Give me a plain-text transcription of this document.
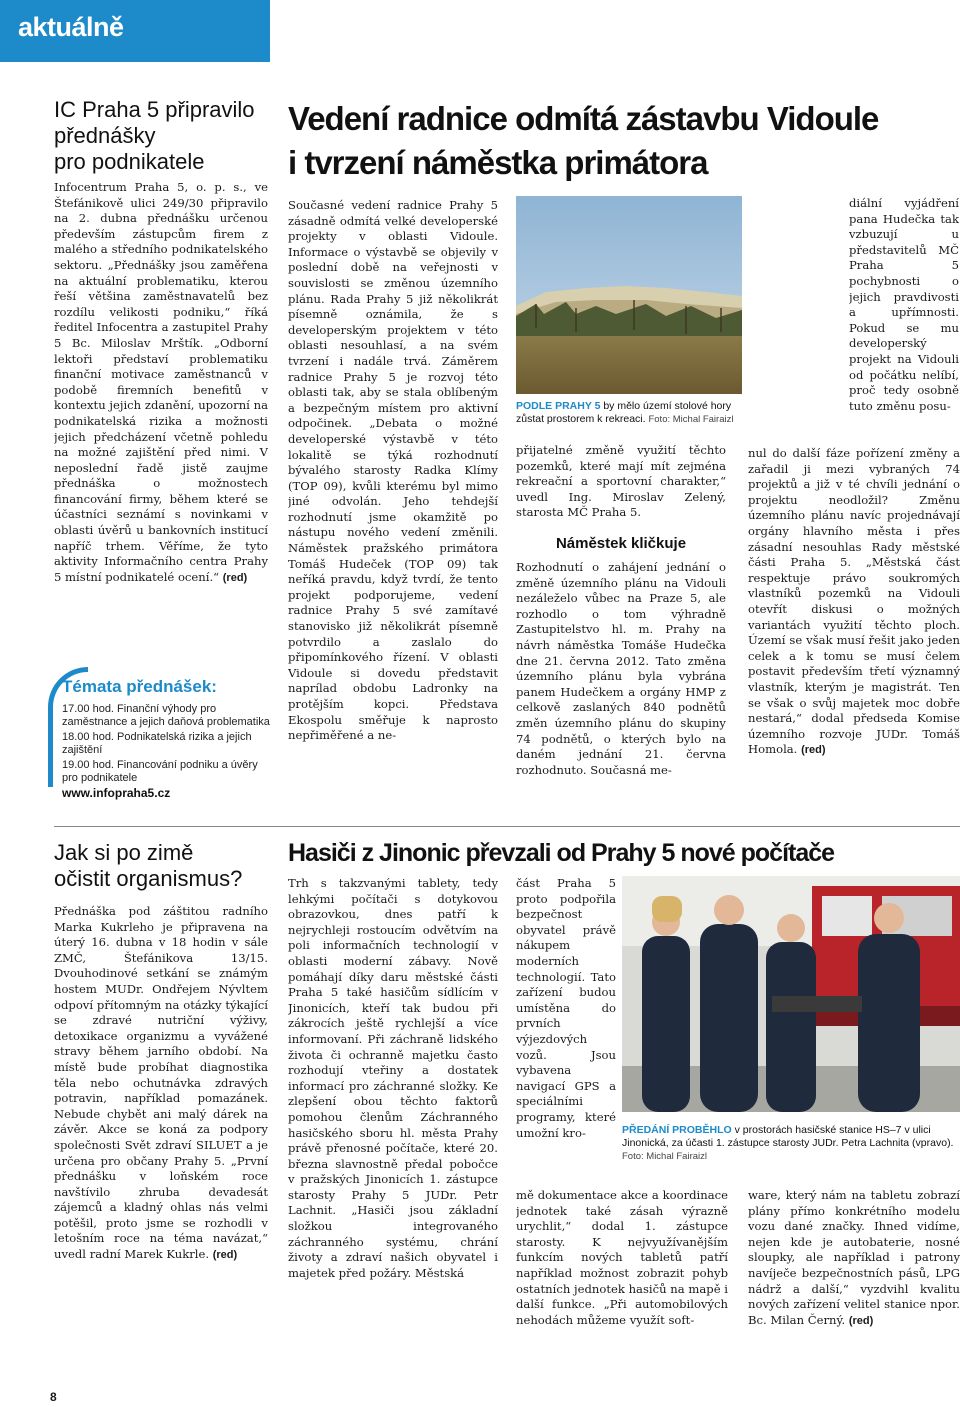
aktuálně
IC Praha 5 připravilo
přednášky
pro podnikatele
Infocentrum Praha 5, o. p. s., ve Štefánikově ulici 249/30 připravilo na 2. dubna přednášku určenou především zástupcům firem z malého a středního podnikatelského sektoru. „Přednášky jsou zaměřena na aktuální problematiku, kterou řeší většina zaměstnavatelů bez rozdílu velikosti podniku,“ říká ředitel Infocentra a zastupitel Prahy 5 Bc. Miloslav Mrštík. „Odborní lektoři představí problematiku finanční motivace zaměstnanců v podobě firemních benefitů v kontextu jejich zdanění, upozorní na podnikatelská rizika a možnosti jejich předcházení včetně pohledu na možné zajištění před nimi. V neposlední řadě jistě zaujme přednáška o možnostech financování firmy, během které se účastníci seznámí s novinkami v oblasti úvěrů u bankovních institucí napříč trhem. Věříme, že tyto aktivity Informačního centra Prahy 5 místní podnikatelé ocení.“ (red)
Témata přednášek:
17.00 hod. Finanční výhody pro zaměstnance a jejich daňová problematika
18.00 hod. Podnikatelská rizika a jejich zajištění
19.00 hod. Financování podniku a úvěry pro podnikatele
www.infopraha5.cz
Vedení radnice odmítá zástavbu Vidoule
i tvrzení náměstka primátora
Současné vedení radnice Prahy 5 zásadně odmítá velké developerské projekty v oblasti Vidoule. Informace o výstavbě se objevily v poslední době na veřejnosti v souvislosti se změnou územního plánu. Rada Prahy 5 již několikrát písemně oznámila, že s developerským projektem v této oblasti nesouhlasí, a na svém tvrzení i nadále trvá. Záměrem radnice Prahy 5 je rozvoj této oblasti tak, aby se stala oblíbeným a bezpečným místem pro aktivní odpočinek. „Debata o možné developerské výstavbě v této lokalitě se týká rozhodnutí bývalého starosty Radka Klímy (TOP 09), kvůli kterému byl mimo jiné odvolán. Jeho tehdejší rozhodnutí jsme okamžitě po nástupu nového vedení změnili. Náměstek pražského primátora Tomáš Hudeček (TOP 09) tak neříká pravdu, když tvrdí, že tento projekt podporujeme, vedení radnice Prahy 5 své zamítavé stanovisko již několikrát písemně potvrdilo a zaslalo do připomínkového řízení. V oblasti Vidoule si dovedu představit naprílad obdobu Ladronky na protějším kopci. Představa Ekospolu směřuje k naprosto nepřiměřené a ne-
PODLE PRAHY 5 by mělo území stolové hory zůstat prostorem k rekreaci. Foto: Michal Fairaizl
přijatelné změně využití těchto pozemků, které mají mít zejména rekreační a sportovní charakter,“ uvedl Ing. Miroslav Zelený, starosta MČ Praha 5.
Náměstek kličkuje
Rozhodnutí o zahájení jednání o změně územního plánu na Vidouli nezáleželo vůbec na Praze 5, ale rozhodlo o tom výhradně Zastupitelstvo hl. m. Prahy na návrh náměstka Tomáše Hudečka dne 21. června 2012. Tato změna územního plánu byla vybrána panem Hudečkem a orgány HMP z celkově zaslaných 840 podnětů změn územního plánu do skupiny 74 podnětů, o kterých bylo na daném jednání 21. června rozhodnuto. Současná me-
diální vyjádření pana Hudečka tak vzbuzují u představitelů MČ Praha 5 pochybnosti o jejich pravdivosti a upřímnosti. Pokud se mu developerský projekt na Vidouli od počátku nelíbí, proč tedy osobně tuto změnu posu-
nul do další fáze pořízení změny a zařadil ji mezi vybraných 74 projektů a již v té chvíli jednání o projektu neodložil? Změnu územního plánu navíc projednávají orgány hlavního města i přes zásadní nesouhlas Rady městské části Praha 5. „Městská část respektuje právo soukromých vlastníků pozemků na Vidouli otevřít diskusi o možných variantách využití těchto ploch. Území se však musí řešit jako jeden celek a k tomu se musí čelem postavit především třetí významný vlastník, kterým je magistrát. Ten se však o svůj majetek moc dobře nestará,“ dodal předseda Komise územního rozvoje JUDr. Tomáš Homola. (red)
Jak si po zimě
očistit organismus?
Přednáška pod záštitou radního Marka Kukrleho je připravena na úterý 16. dubna v 18 hodin v sále ZMČ, Štefánikova 13/15. Dvouhodinové setkání se známým hostem MUDr. Ondřejem Nývltem odpoví přítomným na otázky týkající se zdravé nutriční výživy, detoxikace organizmu a vyvážené stravy během jarního období. Na místě bude probíhat diagnostika těla nebo ochutnávka zdravých potravin, například pomazánek. Nebude chybět ani malý dárek na závěr. Akce se koná za podpory společnosti Svět zdraví SILUET a je určena pro občany Prahy 5. „První přednášku v loňském roce navštívilo zhruba devadesát zájemců a kladný ohlas nás velmi potěšil, proto jsme se rozhodli v letošním roce na téma navázat,“ uvedl radní Marek Kukrle. (red)
Hasiči z Jinonic převzali od Prahy 5 nové počítače
Trh s takzvanými tablety, tedy lehkými počítači s dotykovou obrazovkou, dnes patří k nejrychleji rostoucím odvětvím na poli informačních technologií v oblasti moderní zábavy. Nově pomáhají díky daru městské části Praha 5 také hasičům sídlícím v Jinonicích, kteří tak budou při zákrocích ještě rychlejší a více informovaní. Při záchraně lidského života či ochranně majetku často rozhodují vteřiny a dostatek informací pro záchranné složky. Ke zlepšení obou těchto faktorů pomohou členům Záchranného hasičského sboru hl. města Prahy právě přenosné počítače, které 20. března slavnostně předal pobočce v pražských Jinonicích 1. zástupce starosty Prahy 5 JUDr. Petr Lachnit. „Hasiči jsou základní složkou integrovaného záchranného systému, chrání životy a zdraví našich obyvatel i majetek před požáry. Městská
část Praha 5 proto podpořila bezpečnost obyvatel právě nákupem moderních technologií. Tato zařízení budou umístěna do prvních výjezdových vozů. Jsou vybavena navigací GPS a speciálními programy, které umožní kro-	PŘEDÁNÍ PROBĚHLO v prostorách hasičské stanice HS–7 v ulici Jinonická, za účasti 1. zástupce starosty JUDr. Petra Lachnita (vpravo). Foto: Michal Fairaizl
mě dokumentace akce a koordinace jednotek také zásah výrazně urychlit,“ dodal 1. zástupce starosty. K nejvyužívanějším funkcím nových tabletů patří například možnost zobrazit pohyb ostatních jednotek hasičů na mapě i další funkce. „Při automobilových nehodách můžeme využít soft-
ware, který nám na tabletu zobrazí plány přímo konkrétního modelu vozu dané značky. Ihned vidíme, nejen kde je autobaterie, nosné sloupky, ale například i patrony navíječe bezpečnostních pásů, LPG nádrž a další,“ vyzdvihl kvalitu nových zařízení velitel stanice npor. Bc. Milan Černý. (red)
8
